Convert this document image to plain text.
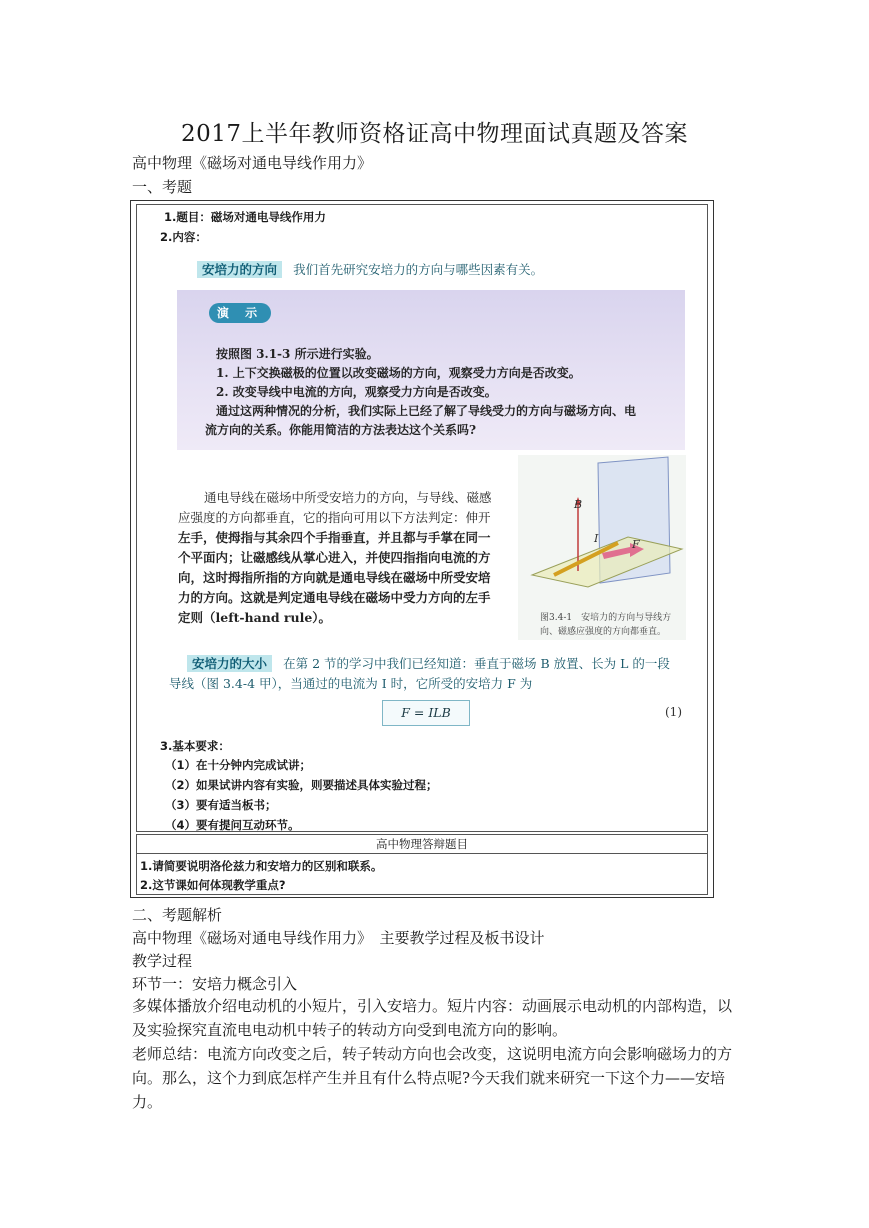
2017上半年教师资格证高中物理面试真题及答案
高中物理《磁场对通电导线作用力》
一、考题
1.题目：磁场对通电导线作用力
2.内容：
安培力的方向 我们首先研究安培力的方向与哪些因素有关。
演 示
按照图 3.1-3 所示进行实验。
1. 上下交换磁极的位置以改变磁场的方向，观察受力方向是否改变。
2. 改变导线中电流的方向，观察受力方向是否改变。
通过这两种情况的分析，我们实际上已经了解了导线受力的方向与磁场方向、电
流方向的关系。你能用简洁的方法表达这个关系吗?
通电导线在磁场中所受安培力的方向，与导线、磁感
应强度的方向都垂直，它的指向可用以下方法判定：伸开
左手，使拇指与其余四个手指垂直，并且都与手掌在同一
个平面内；让磁感线从掌心进入，并使四指指向电流的方
向，这时拇指所指的方向就是通电导线在磁场中所受安培
力的方向。这就是判定通电导线在磁场中受力方向的左手
定则（left-hand rule）。
B
I	F
图3.4-1　安培力的方向与导线方
向、磁感应强度的方向都垂直。
安培力的大小 在第 2 节的学习中我们已经知道：垂直于磁场 B 放置、长为 L 的一段
导线（图 3.4-4 甲），当通过的电流为 I 时，它所受的安培力 F 为
F = ILB	(1)
3.基本要求：
（1）在十分钟内完成试讲；
（2）如果试讲内容有实验，则要描述具体实验过程；
（3）要有适当板书；
（4）要有提问互动环节。
高中物理答辩题目
1.请简要说明洛伦兹力和安培力的区别和联系。
2.这节课如何体现教学重点?
二、考题解析
高中物理《磁场对通电导线作用力》　主要教学过程及板书设计
教学过程
环节一：安培力概念引入
多媒体播放介绍电动机的小短片，引入安培力。短片内容：动画展示电动机的内部构造，以及实验探究直流电电动机中转子的转动方向受到电流方向的影响。
老师总结：电流方向改变之后，转子转动方向也会改变，这说明电流方向会影响磁场力的方向。那么，这个力到底怎样产生并且有什么特点呢?今天我们就来研究一下这个力——安培力。
